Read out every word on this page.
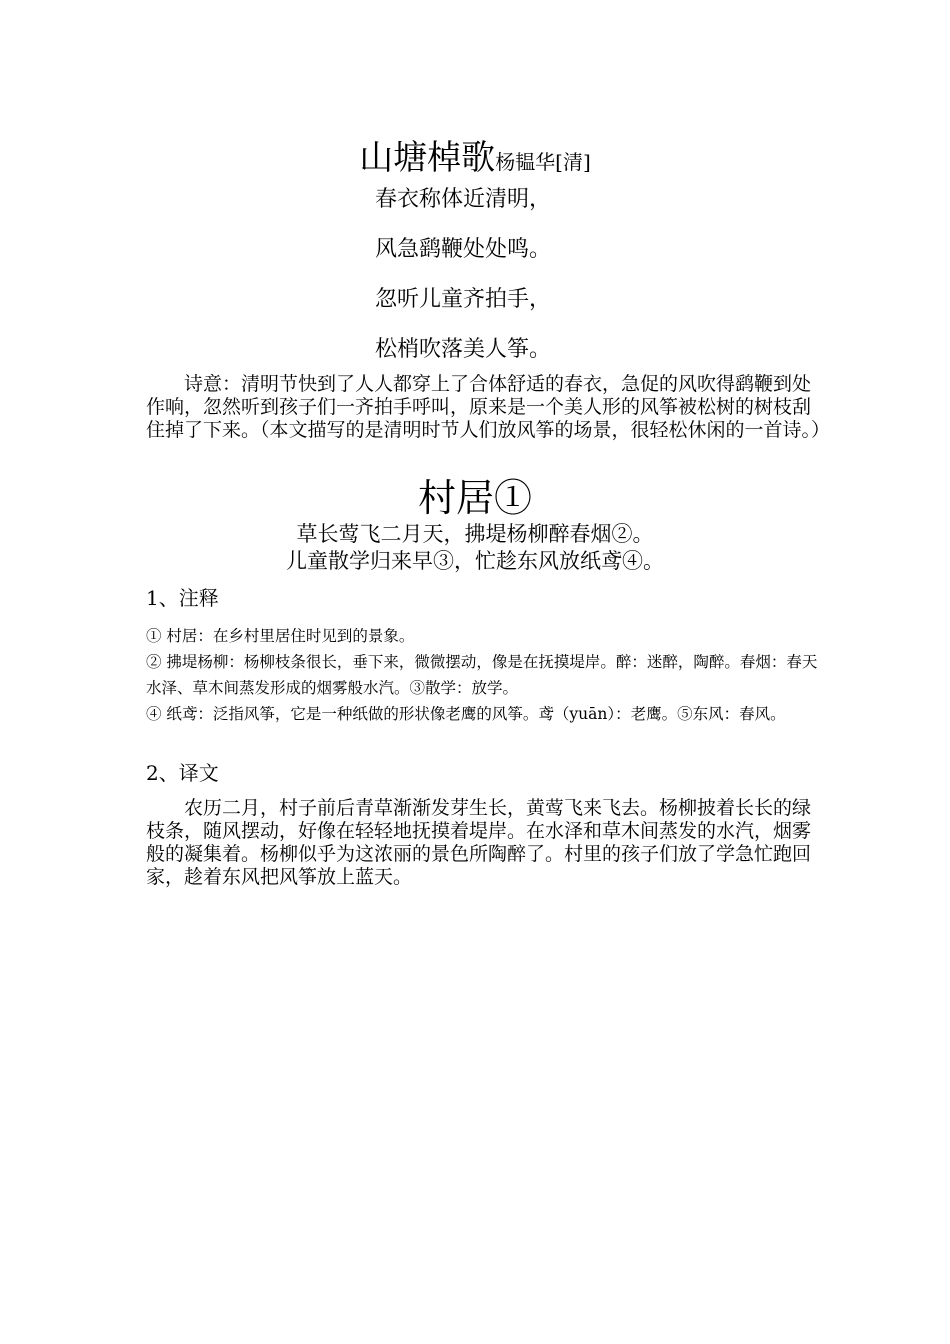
山塘棹歌杨韫华[清]
春衣称体近清明，
风急鹞鞭处处鸣。
忽听儿童齐拍手，
松梢吹落美人筝。
诗意：清明节快到了人人都穿上了合体舒适的春衣，急促的风吹得鹞鞭到处作响，忽然听到孩子们一齐拍手呼叫，原来是一个美人形的风筝被松树的树枝刮住掉了下来。（本文描写的是清明时节人们放风筝的场景，很轻松休闲的一首诗。）
村居①
草长莺飞二月天，拂堤杨柳醉春烟②。
儿童散学归来早③，忙趁东风放纸鸢④。
1、注释

① 村居：在乡村里居住时见到的景象。

② 拂堤杨柳：杨柳枝条很长，垂下来，微微摆动，像是在抚摸堤岸。醉：迷醉，陶醉。春烟：春天水泽、草木间蒸发形成的烟雾般水汽。③散学：放学。

④ 纸鸢：泛指风筝，它是一种纸做的形状像老鹰的风筝。鸢（yuān）：老鹰。⑤东风：春风。

2、译文
农历二月，村子前后青草渐渐发芽生长，黄莺飞来飞去。杨柳披着长长的绿枝条，随风摆动，好像在轻轻地抚摸着堤岸。在水泽和草木间蒸发的水汽，烟雾般的凝集着。杨柳似乎为这浓丽的景色所陶醉了。村里的孩子们放了学急忙跑回家，趁着东风把风筝放上蓝天。
